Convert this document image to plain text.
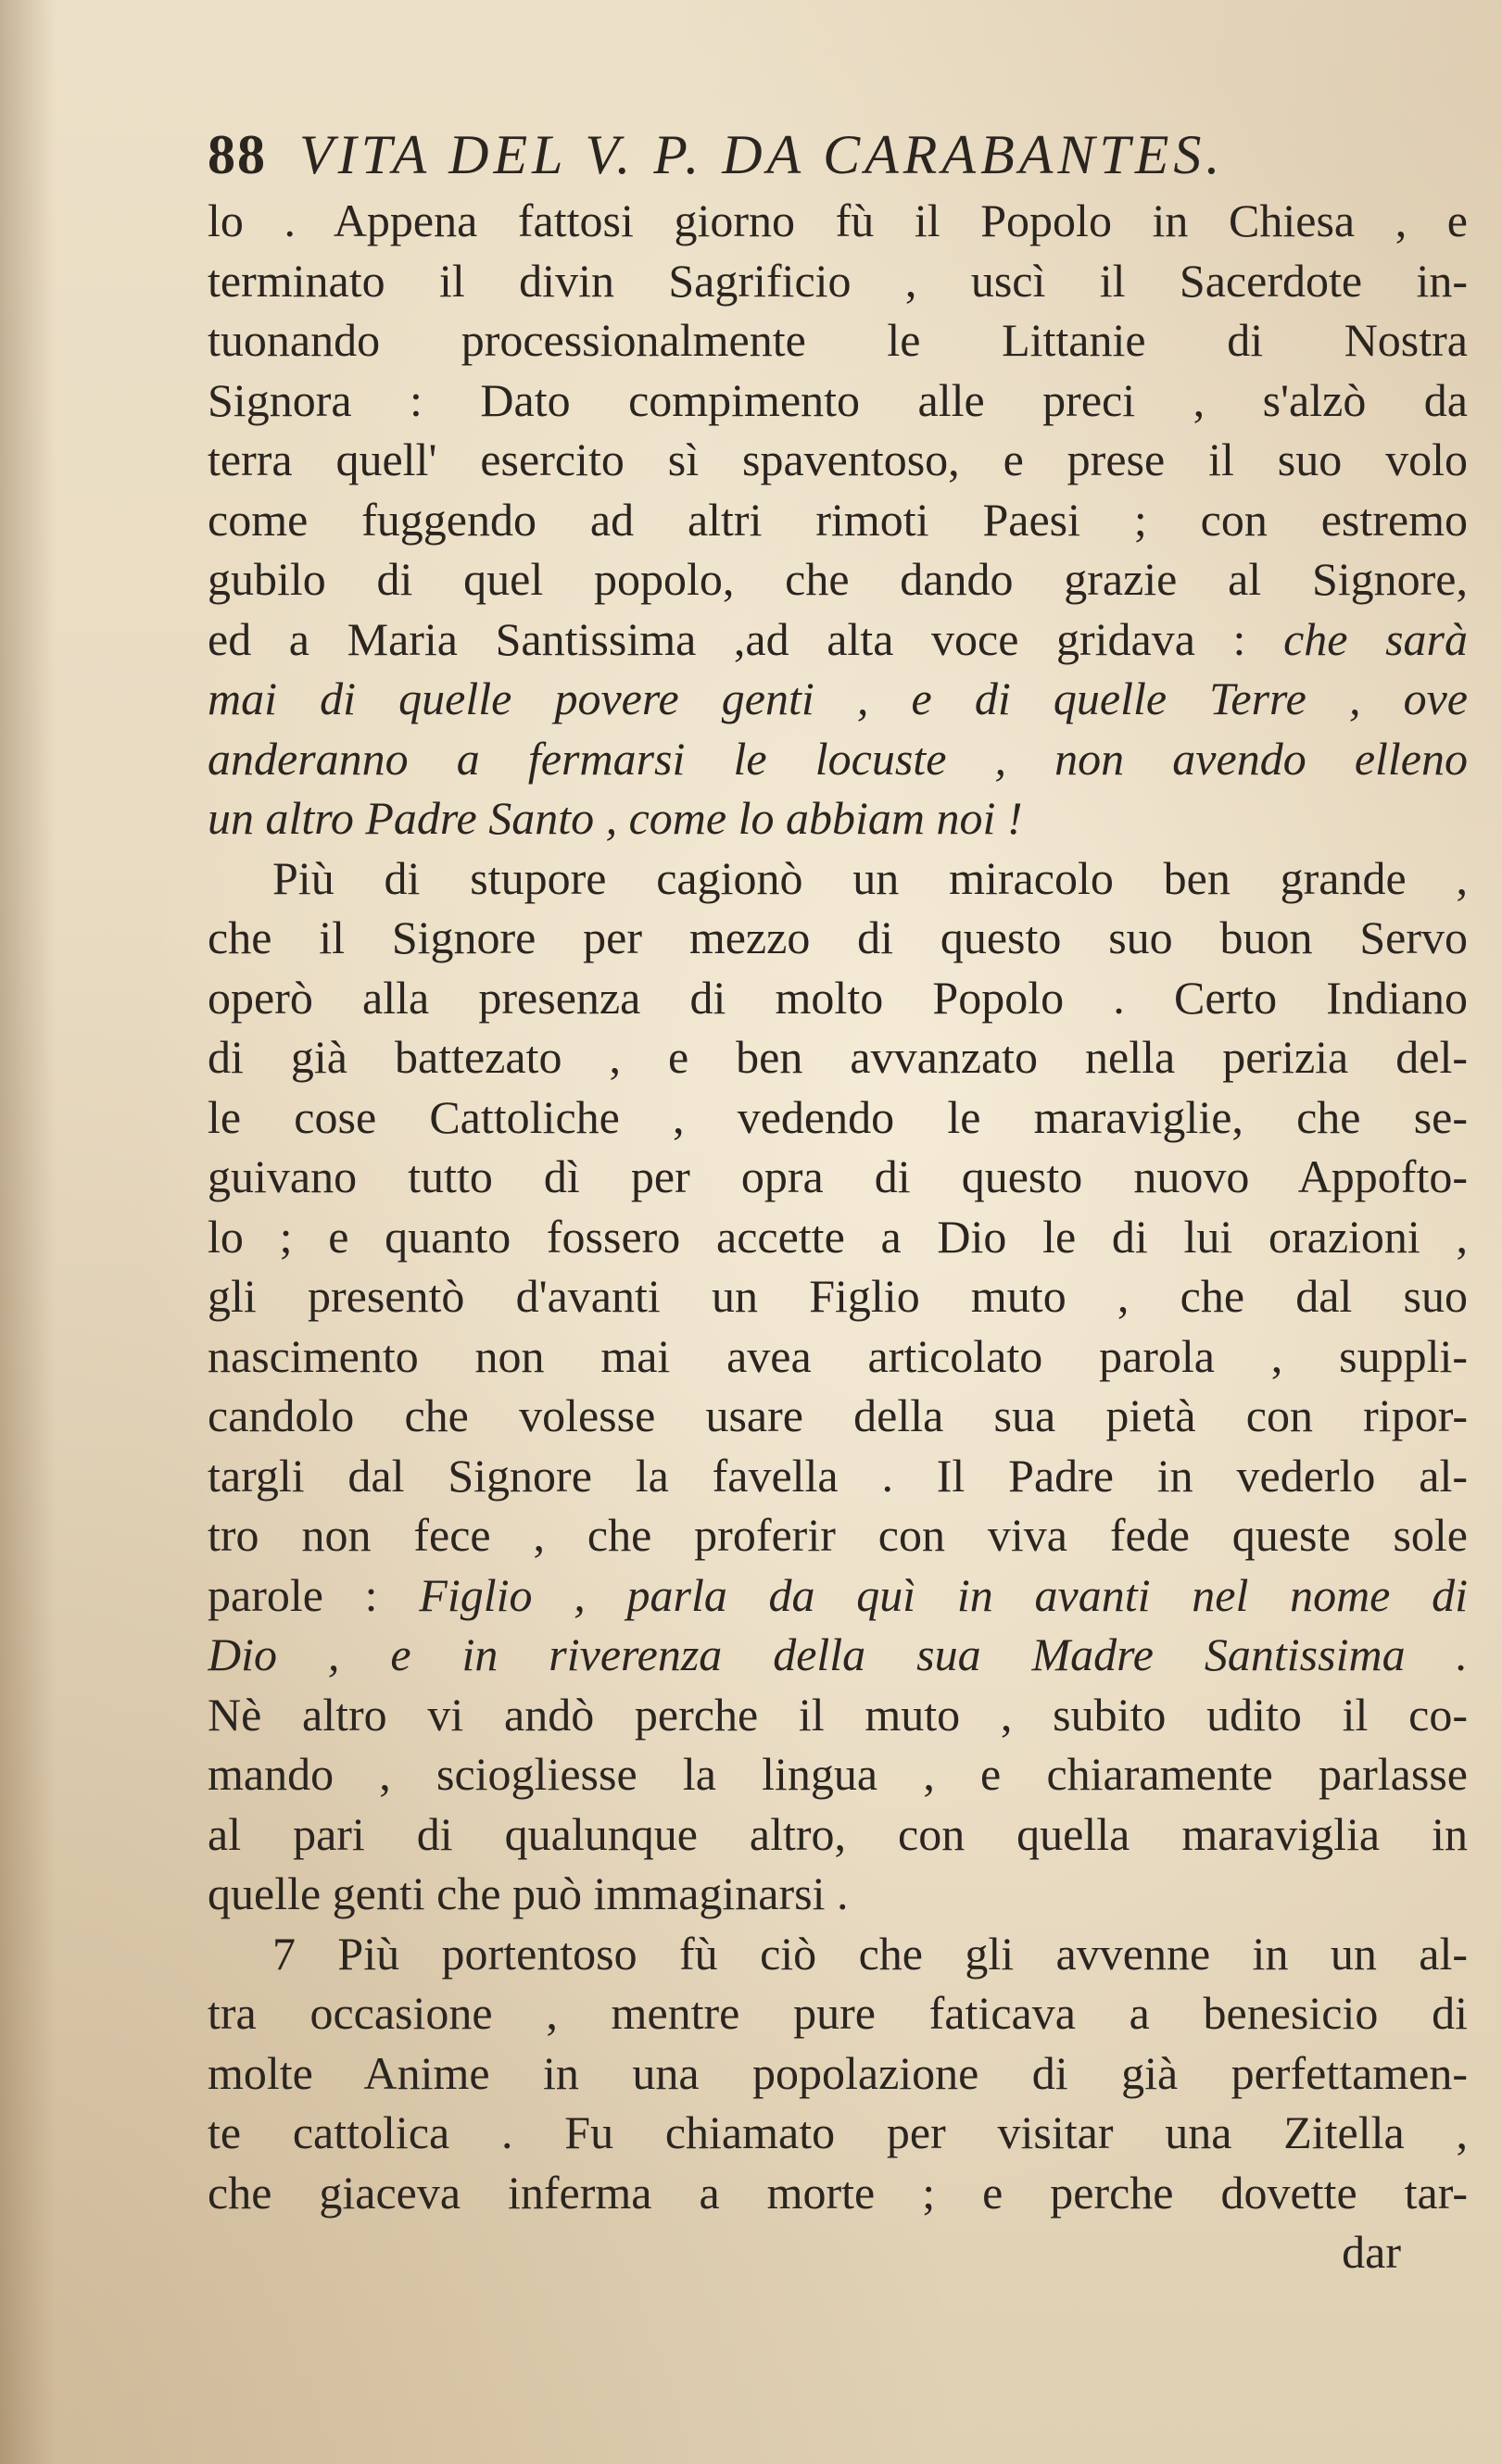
88 VITA DEL V. P. DA CARABANTES.
lo . Appena fattosi giorno fù il Popolo in Chiesa , e
terminato il divin Sagrificio , uscì il Sacerdote in-
tuonando processionalmente le Littanie di Nostra
Signora : Dato compimento alle preci , s'alzò da
terra quell' esercito sì spaventoso, e prese il suo volo
come fuggendo ad altri rimoti Paesi ; con estremo
gubilo di quel popolo, che dando grazie al Signore,
ed a Maria Santissima ,ad alta voce gridava : che sarà
mai di quelle povere genti , e di quelle Terre , ove
anderanno a fermarsi le locuste , non avendo elleno
un altro Padre Santo , come lo abbiam noi !
Più di stupore cagionò un miracolo ben grande ,
che il Signore per mezzo di questo suo buon Servo
operò alla presenza di molto Popolo . Certo Indiano
di già battezato , e ben avvanzato nella perizia del-
le cose Cattoliche , vedendo le maraviglie, che se-
guivano tutto dì per opra di questo nuovo Appofto-
lo ; e quanto fossero accette a Dio le di lui orazioni ,
gli presentò d'avanti un Figlio muto , che dal suo
nascimento non mai avea articolato parola , suppli-
candolo che volesse usare della sua pietà con ripor-
targli dal Signore la favella . Il Padre in vederlo al-
tro non fece , che proferir con viva fede queste sole
parole : Figlio , parla da quì in avanti nel nome di
Dio , e in riverenza della sua Madre Santissima .
Nè altro vi andò perche il muto , subito udito il co-
mando , sciogliesse la lingua , e chiaramente parlasse
al pari di qualunque altro, con quella maraviglia in
quelle genti che può immaginarsi .
7 Più portentoso fù ciò che gli avvenne in un al-
tra occasione , mentre pure faticava a benesicio di
molte Anime in una popolazione di già perfettamen-
te cattolica . Fu chiamato per visitar una Zitella ,
che giaceva inferma a morte ; e perche dovette tar-
dar
